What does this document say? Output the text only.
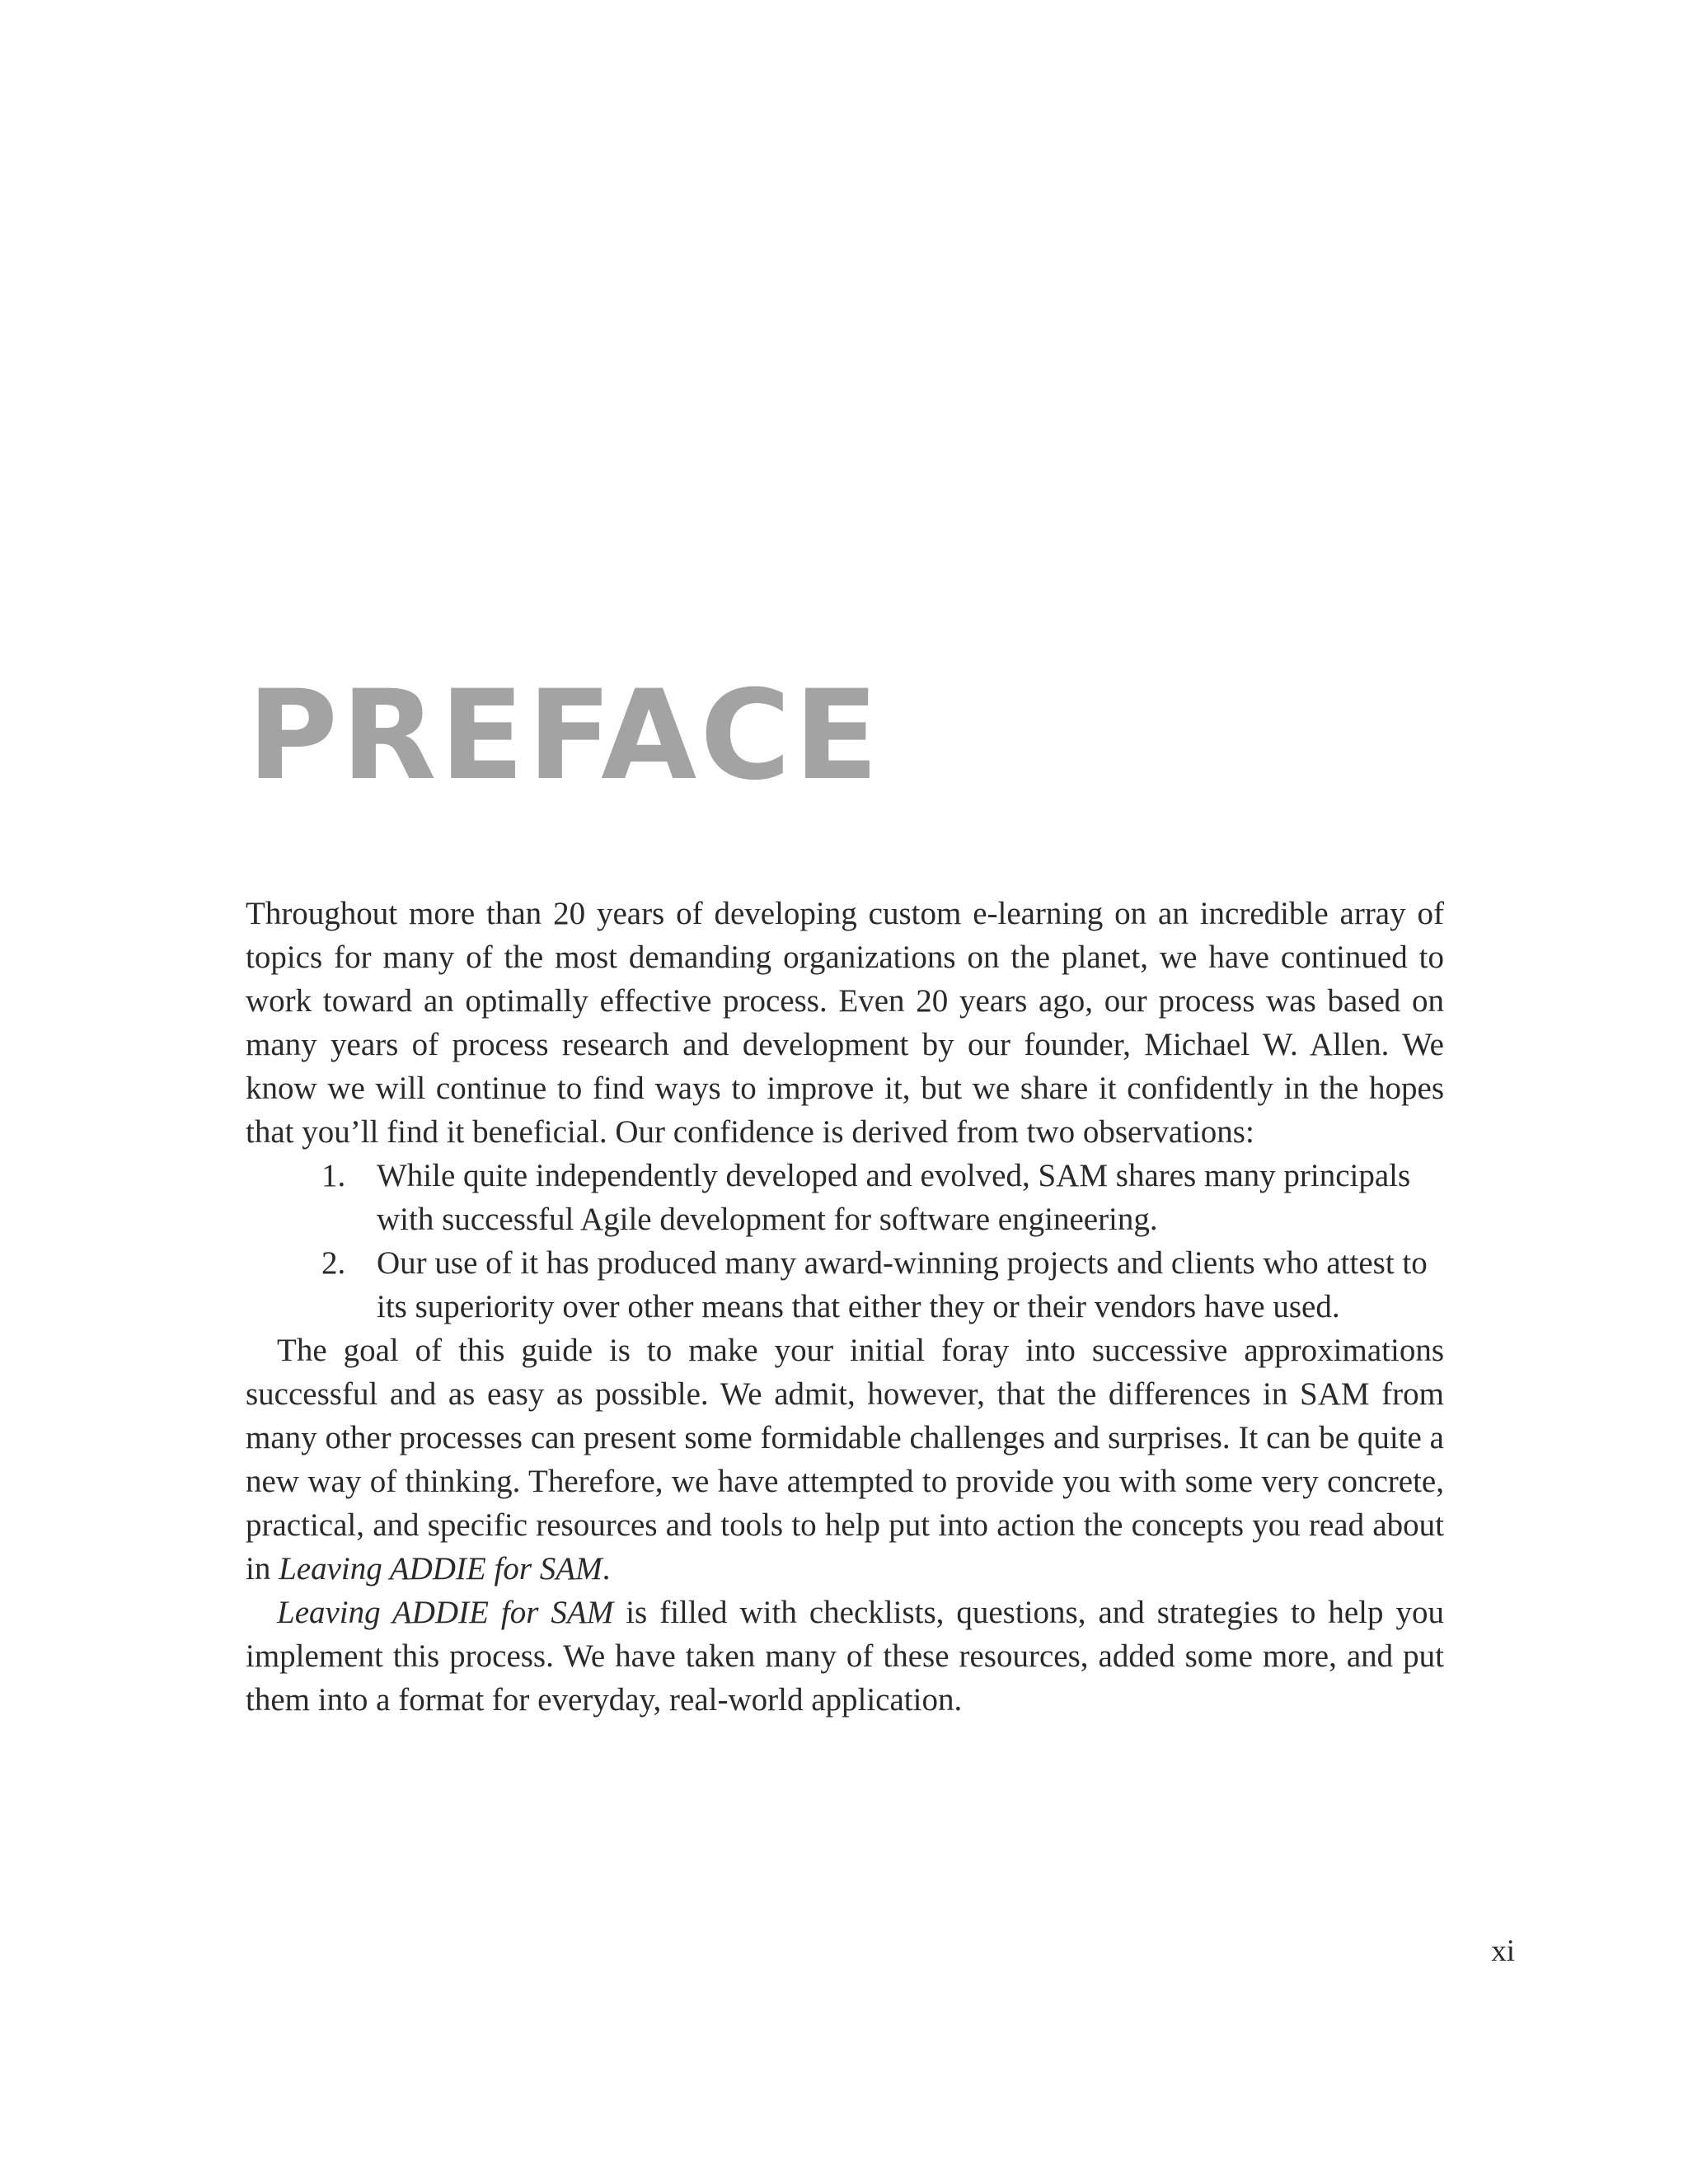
PREFACE

Throughout more than 20 years of developing custom e-learning on an incredible array of topics for many of the most demanding organizations on the planet, we have continued to work toward an optimally effective process. Even 20 years ago, our process was based on many years of process research and development by our founder, Michael W. Allen. We know we will continue to find ways to improve it, but we share it confidently in the hopes that you’ll find it beneficial. Our confidence is derived from two observations:

1. While quite independently developed and evolved, SAM shares many principals with successful Agile development for software engineering.
2. Our use of it has produced many award-winning projects and clients who attest to its superiority over other means that either they or their vendors have used.

The goal of this guide is to make your initial foray into successive approximations successful and as easy as possible. We admit, however, that the differences in SAM from many other processes can present some formidable challenges and surprises. It can be quite a new way of thinking. Therefore, we have attempted to provide you with some very concrete, practical, and specific resources and tools to help put into action the concepts you read about in Leaving ADDIE for SAM.

Leaving ADDIE for SAM is filled with checklists, questions, and strategies to help you implement this process. We have taken many of these resources, added some more, and put them into a format for everyday, real-world application.

xi
